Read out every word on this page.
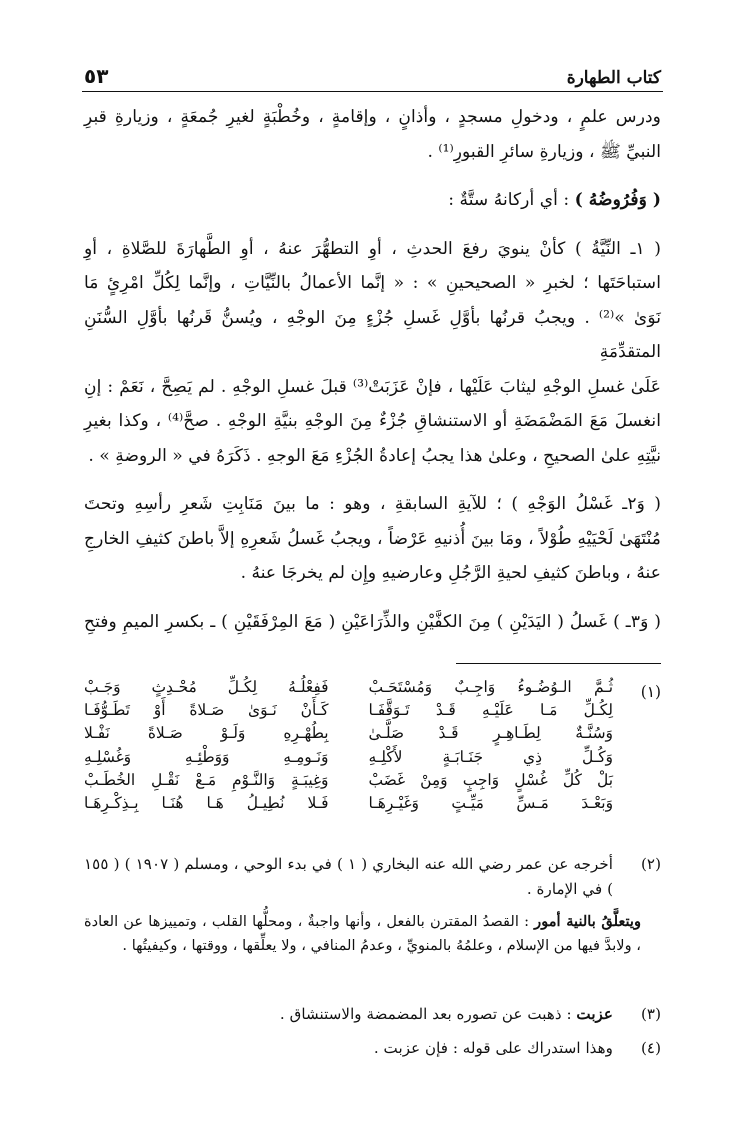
كتاب الطهارة
٥٣

ودرس علمٍ ، ودخولِ مسجدٍ ، وأذانٍ ، وإقامةٍ ، وخُطْبَةٍ لغيرِ جُمعَةٍ ، وزيارةِ قبرِ

النبيِّ ﷺ ، وزيارةِ سائرِ القبورِ⁽¹⁾ .

( وَفُرُوضُهُ ) : أي أركانهُ ستَّةٌ :

( ١ـ النِّيَّةُ ) كأنْ ينويَ رفعَ الحدثِ ، أوِ التطهُّرَ عنهُ ، أوِ الطَّهارَةَ للصَّلاةِ ، أوِ

استباحَتَها ؛ لخبرِ « الصحيحينِ » : « إنَّما الأعمالُ بالنِّيَّاتِ ، وإنَّما لِكُلِّ امْرِئٍ مَا

نَوَىٰ »⁽²⁾ . ويجبُ قرنُها بأوَّلِ غَسلِ جُزْءٍ مِنَ الوجْهِ ، ويُسنُّ قَرنُها بأوَّلِ السُّنَنِ المتقدِّمَةِ

عَلَىٰ غسلِ الوجْهِ ليثابَ عَلَيْها ، فإنْ عَزَبَتْ⁽³⁾ قبلَ غسلِ الوجْهِ . لم يَصِحَّ ، نَعَمْ : إنِ

انغسلَ مَعَ المَضْمَضَةِ أو الاستنشاقِ جُزْءٌ مِنَ الوجْهِ بنيَّةِ الوجْهِ . صحَّ⁽⁴⁾ ، وكذا بغيرِ

نيَّتِهِ علىٰ الصحيحِ ، وعلىٰ هذا يجبُ إعادةُ الجُزْءِ مَعَ الوجهِ . ذَكَرَهُ في « الروضةِ » .

( وَ٢ـ غَسْلُ الوَجْهِ ) ؛ للآيةِ السابقةِ ، وهو : ما بينَ مَنَابِتِ شَعرِ رأسِهِ وتحتَ

مُنْتَهَىٰ لَحْيَيْهِ طُوْلاً ، ومَا بينَ أُذنيهِ عَرْضاً ، ويجبُ غَسلُ شَعرِهِ إلاَّ باطنَ كثيفِ الخارجِ

عنهُ ، وباطنَ كثيفِ لحيةِ الرَّجُلِ وعارضيهِ وإِن لم يخرجَا عنهُ .

( وَ٣ـ ) غَسلُ ( اليَدَيْنِ ) مِنَ الكفَّيْنِ والذِّرَاعَيْنِ ( مَعَ المِرْفَقَيْنِ ) ـ بكسرِ الميمِ وفتحِ

(١)
ثُـمَّ الـوُضُـوءُ وَاجِـبٌ وَمُسْتَحَـبْ
فَفِعْلُـهُ لِكُـلِّ مُحْـدِثٍ وَجَـبْ
لِكُـلِّ مَـا عَلَيْـهِ قَـدْ تَـوَقَّفَـا
كَـأَنْ نَـوَىٰ صَـلاةً أَوْ تَطَـوُّفَـا
وَسُنَّـةٌ لِطَـاهِـرٍ قَـدْ صَلَّـىٰ
بِطُهْـرِهِ وَلَـوْ صَـلاةً نَفْـلا
وَكُـلِّ ذِي جَنَـابَـةٍ لأَكْلِـهِ
وَنَـومِـهِ وَوَطْئِـهِ وَغُسْلِـهِ
بَلْ كُلِّ غُسْلٍ وَاجِبٍ وَمِنْ غَضَبْ
وَغِيبَـةٍ وَالنَّـوْمِ مَـعْ نَقْـلِ الخُطَـبْ
وَبَعْـدَ مَـسِّ مَيِّـتٍ وَغَيْـرِهَـا
فَـلا نُطِيـلُ هَـا هُنَـا بِـذِكْـرِهَـا
(٢)
أخرجه عن عمر رضي الله عنه البخاري ( ١ ) في بدء الوحي ، ومسلم ( ١٩٠٧ ) ( ١٥٥ ) في الإمارة .
ويتعلَّقُ بالنية أمور : القصدُ المقترن بالفعل ، وأنها واجبةٌ ، ومحلُّها القلب ، وتمييزها عن العادة ، ولابدَّ فيها من الإسلام ، وعلمُهُ بالمنويِّ ، وعدمُ المنافي ، ولا يعلِّقها ، ووقتها ، وكيفيتُها .
(٣)
عزبت : ذهبت عن تصوره بعد المضمضة والاستنشاق .
(٤)
وهذا استدراك على قوله : فإن عزبت .
